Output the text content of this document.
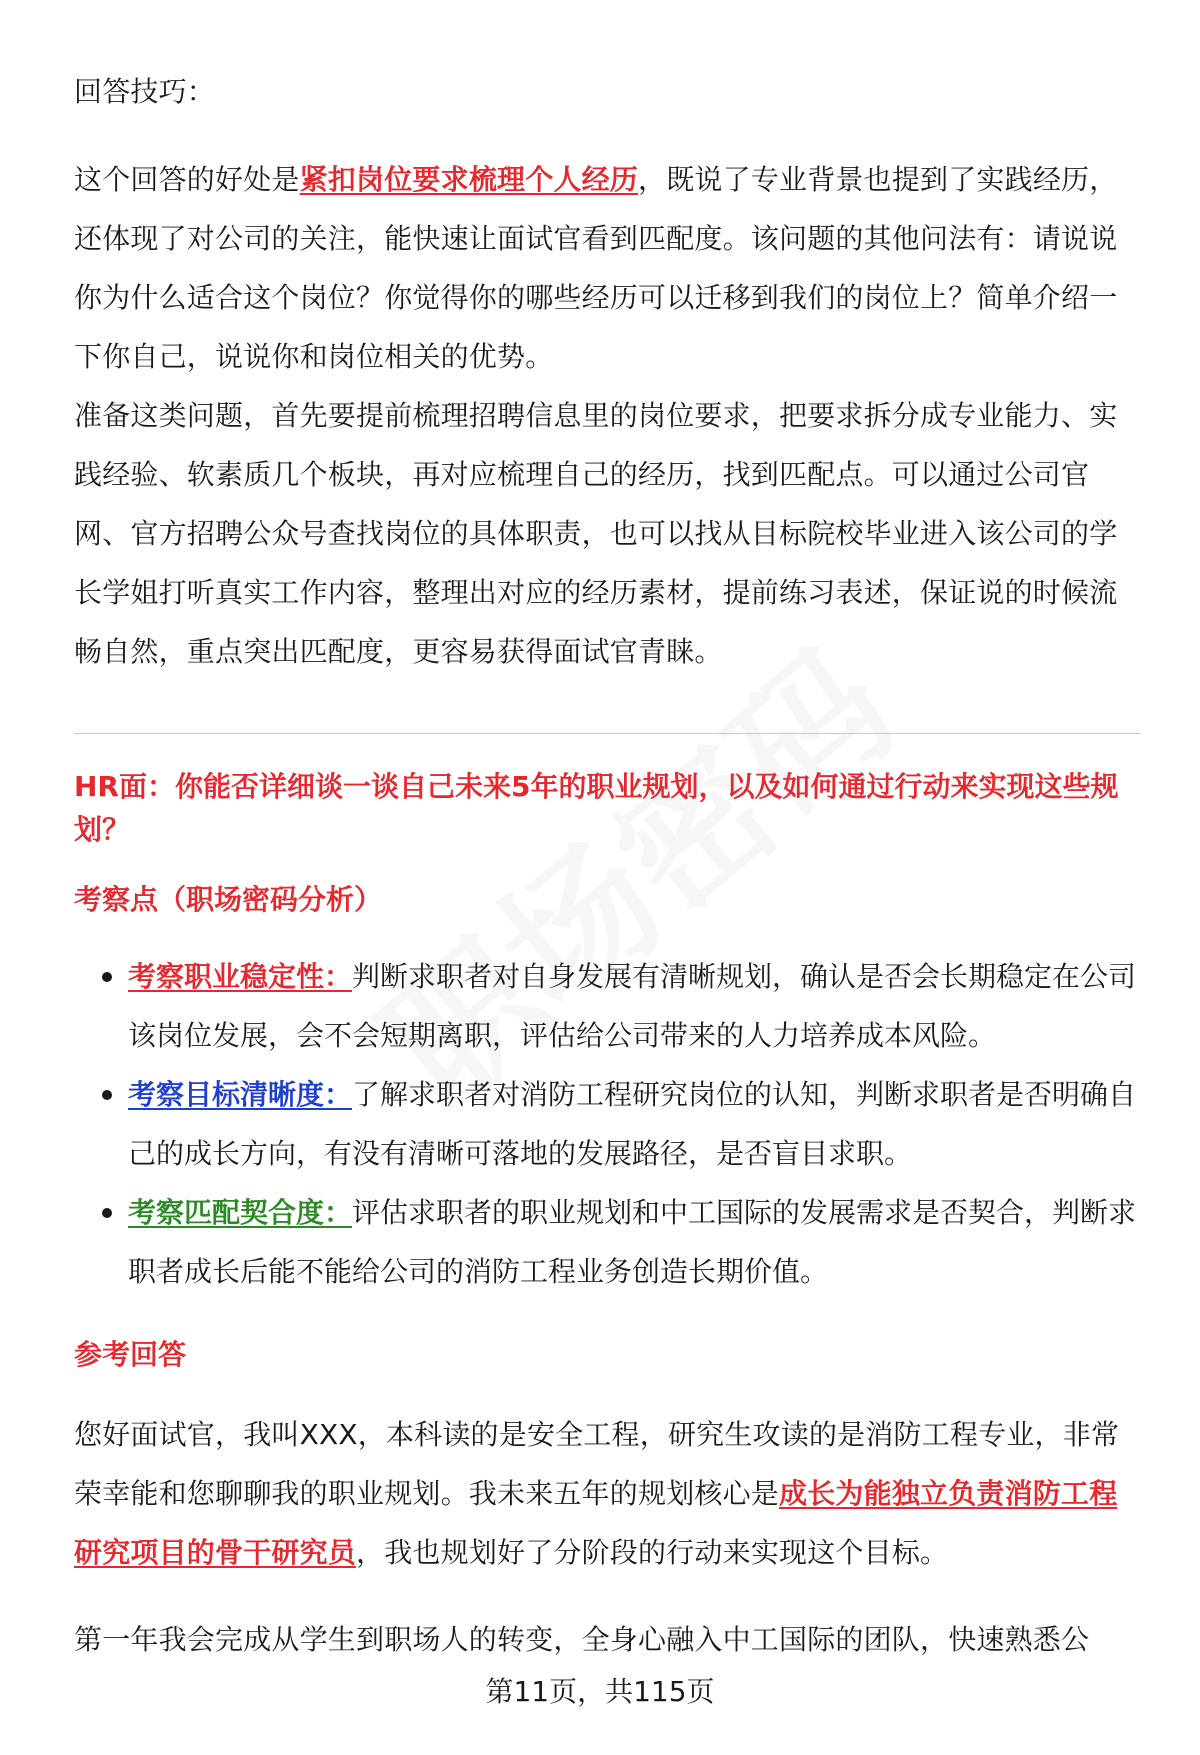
回答技巧：

这个回答的好处是紧扣岗位要求梳理个人经历，既说了专业背景也提到了实践经历，还体现了对公司的关注，能快速让面试官看到匹配度。该问题的其他问法有：请说说你为什么适合这个岗位？你觉得你的哪些经历可以迁移到我们的岗位上？简单介绍一下你自己，说说你和岗位相关的优势。

准备这类问题，首先要提前梳理招聘信息里的岗位要求，把要求拆分成专业能力、实践经验、软素质几个板块，再对应梳理自己的经历，找到匹配点。可以通过公司官网、官方招聘公众号查找岗位的具体职责，也可以找从目标院校毕业进入该公司的学长学姐打听真实工作内容，整理出对应的经历素材，提前练习表述，保证说的时候流畅自然，重点突出匹配度，更容易获得面试官青睐。

HR面：你能否详细谈一谈自己未来5年的职业规划，以及如何通过行动来实现这些规划？
考察点（职场密码分析）
考察职业稳定性：判断求职者对自身发展有清晰规划，确认是否会长期稳定在公司该岗位发展，会不会短期离职，评估给公司带来的人力培养成本风险。
考察目标清晰度：了解求职者对消防工程研究岗位的认知，判断求职者是否明确自己的成长方向，有没有清晰可落地的发展路径，是否盲目求职。
考察匹配契合度：评估求职者的职业规划和中工国际的发展需求是否契合，判断求职者成长后能不能给公司的消防工程业务创造长期价值。
参考回答

您好面试官，我叫XXX，本科读的是安全工程，研究生攻读的是消防工程专业，非常荣幸能和您聊聊我的职业规划。我未来五年的规划核心是成长为能独立负责消防工程研究项目的骨干研究员，我也规划好了分阶段的行动来实现这个目标。

第一年我会完成从学生到职场人的转变，全身心融入中工国际的团队，快速熟悉公

第11页，共115页
